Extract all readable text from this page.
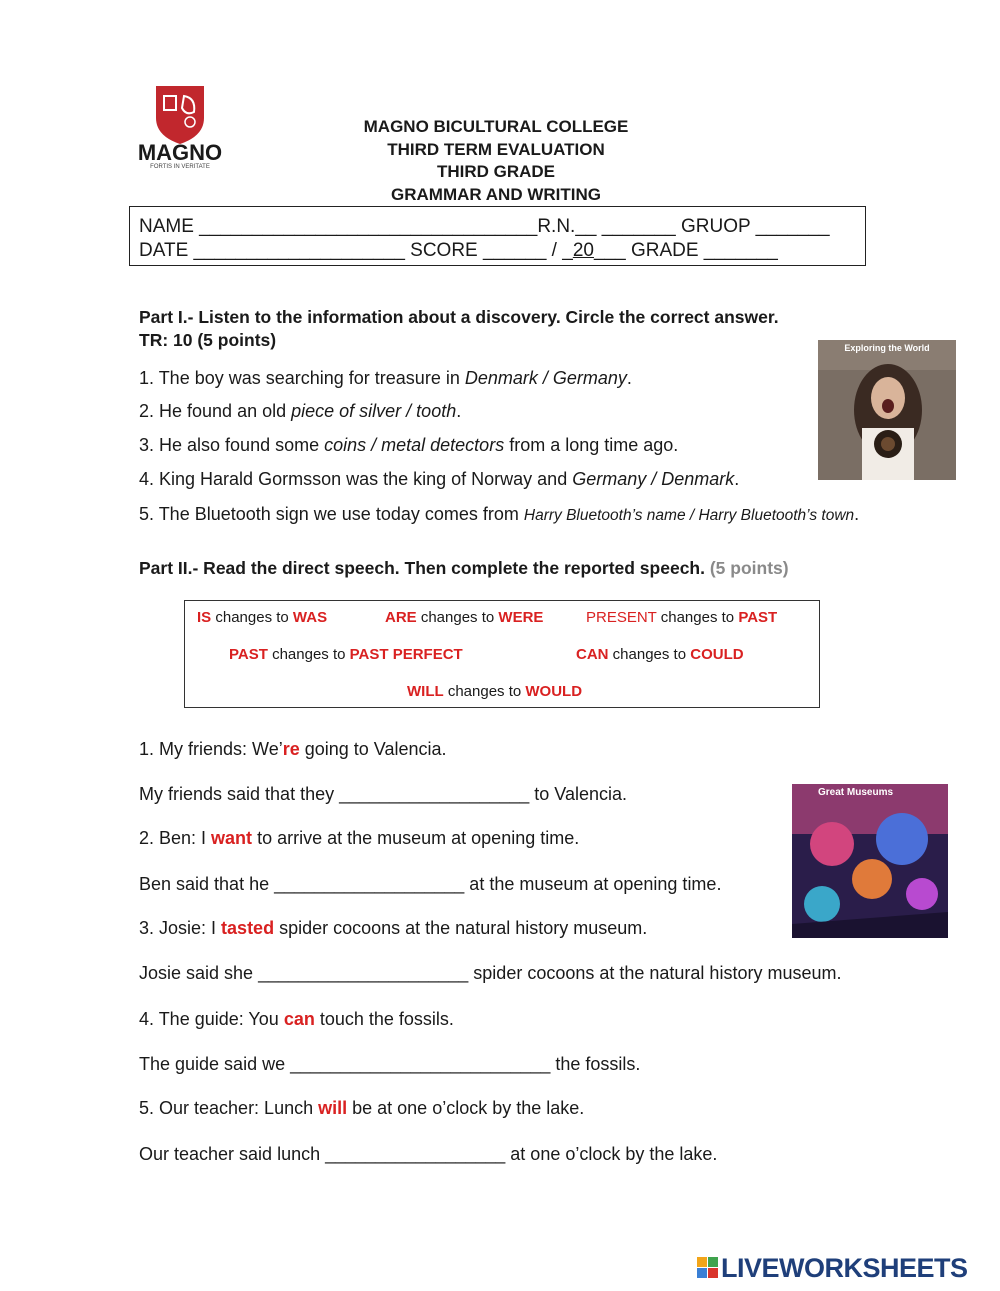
MAGNO
FORTIS IN VERITATE
MAGNO BICULTURAL COLLEGE
THIRD TERM EVALUATION
THIRD GRADE
GRAMMAR AND WRITING
NAME ________________________________R.N.__ _______ GRUOP _______
DATE ____________________ SCORE ______ / _20___ GRADE _______
Part I.- Listen to the information about a discovery. Circle the correct answer.
TR: 10 (5 points)	Exploring the World
1. The boy was searching for treasure in Denmark / Germany.
2. He found an old piece of silver / tooth.
3. He also found some coins / metal detectors from a long time ago.
4. King Harald Gormsson was the king of Norway and Germany / Denmark.
5. The Bluetooth sign we use today comes from Harry Bluetooth’s name / Harry Bluetooth’s town.
Part II.- Read the direct speech. Then complete the reported speech. (5 points)
IS changes to WAS	ARE changes to WERE	PRESENT changes to PAST
PAST changes to PAST PERFECT	CAN changes to COULD
WILL changes to WOULD
Great Museums
1. My friends: We’re going to Valencia.
My friends said that they ___________________ to Valencia.
2. Ben: I want to arrive at the museum at opening time.
Ben said that he ___________________ at the museum at opening time.
3. Josie: I tasted spider cocoons at the natural history museum.
Josie said she _____________________ spider cocoons at the natural history museum.
4. The guide: You can touch the fossils.
The guide said we __________________________ the fossils.
5. Our teacher: Lunch will be at one o’clock by the lake.
Our teacher said lunch __________________ at one o’clock by the lake.
LIVEWORKSHEETS
